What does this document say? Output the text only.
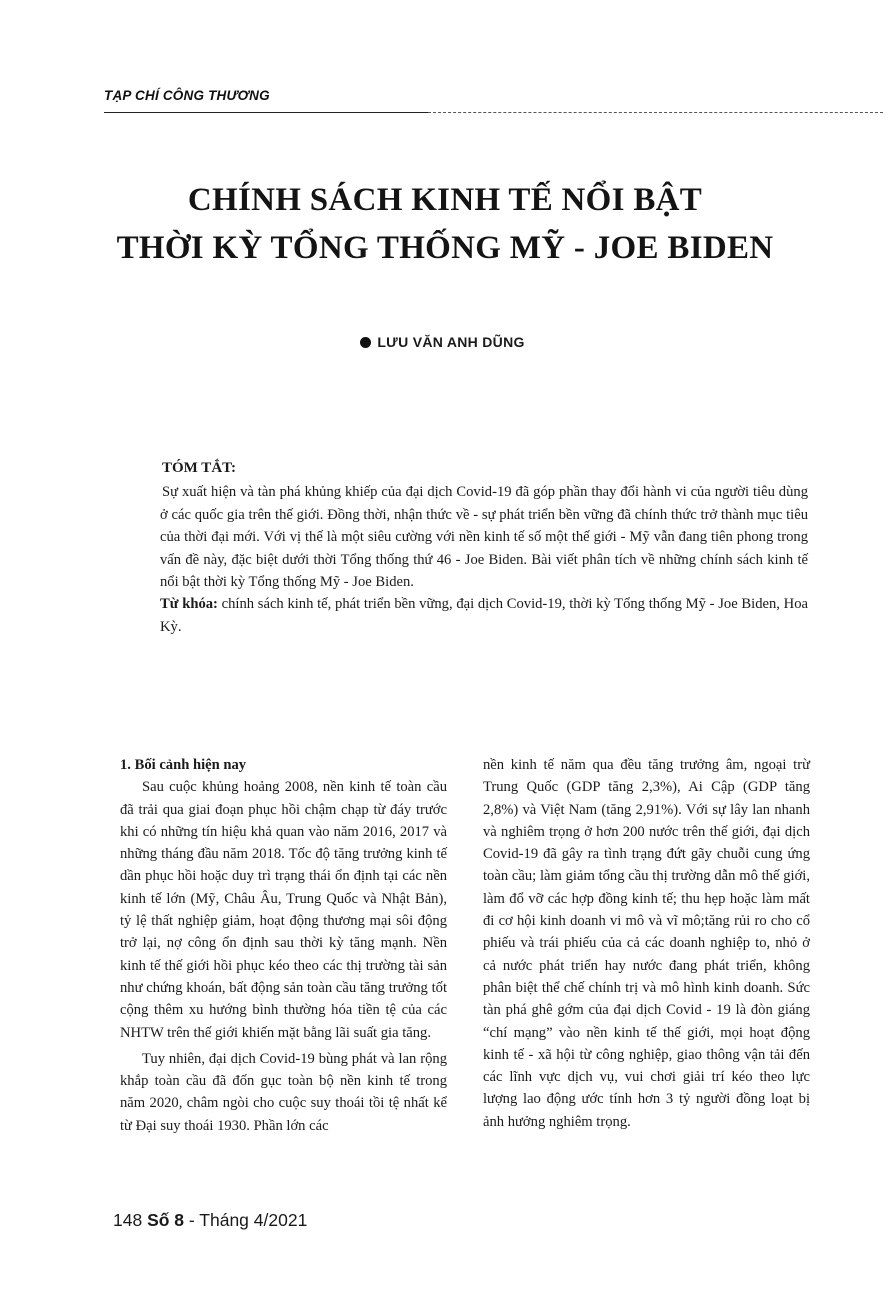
TẠP CHÍ CÔNG THƯƠNG
CHÍNH SÁCH KINH TẾ NỔI BẬT
THỜI KỲ TỔNG THỐNG MỸ - JOE BIDEN
LƯU VĂN ANH DŨNG
TÓM TẮT:

Sự xuất hiện và tàn phá khủng khiếp của đại dịch Covid-19 đã góp phần thay đổi hành vi của người tiêu dùng ở các quốc gia trên thế giới. Đồng thời, nhận thức về - sự phát triển bền vững đã chính thức trở thành mục tiêu của thời đại mới. Với vị thế là một siêu cường với nền kinh tế số một thế giới - Mỹ vẫn đang tiên phong trong vấn đề này, đặc biệt dưới thời Tổng thống thứ 46 - Joe Biden. Bài viết phân tích về những chính sách kinh tế nổi bật thời kỳ Tổng thống Mỹ - Joe Biden.

Từ khóa: chính sách kinh tế, phát triển bền vững, đại dịch Covid-19, thời kỳ Tổng thống Mỹ - Joe Biden, Hoa Kỳ.

1. Bối cảnh hiện nay

Sau cuộc khủng hoảng 2008, nền kinh tế toàn cầu đã trải qua giai đoạn phục hồi chậm chạp từ đáy trước khi có những tín hiệu khả quan vào năm 2016, 2017 và những tháng đầu năm 2018. Tốc độ tăng trưởng kinh tế dần phục hồi hoặc duy trì trạng thái ổn định tại các nền kinh tế lớn (Mỹ, Châu Âu, Trung Quốc và Nhật Bản), tỷ lệ thất nghiệp giảm, hoạt động thương mại sôi động trở lại, nợ công ổn định sau thời kỳ tăng mạnh. Nền kinh tế thế giới hồi phục kéo theo các thị trường tài sản như chứng khoán, bất động sản toàn cầu tăng trưởng tốt cộng thêm xu hướng bình thường hóa tiền tệ của các NHTW trên thế giới khiến mặt bằng lãi suất gia tăng.

Tuy nhiên, đại dịch Covid-19 bùng phát và lan rộng khắp toàn cầu đã đốn gục toàn bộ nền kinh tế trong năm 2020, châm ngòi cho cuộc suy thoái tồi tệ nhất kể từ Đại suy thoái 1930. Phần lớn các

nền kinh tế năm qua đều tăng trưởng âm, ngoại trừ Trung Quốc (GDP tăng 2,3%), Ai Cập (GDP tăng 2,8%) và Việt Nam (tăng 2,91%). Với sự lây lan nhanh và nghiêm trọng ở hơn 200 nước trên thế giới, đại dịch Covid-19 đã gây ra tình trạng đứt gãy chuỗi cung ứng toàn cầu; làm giảm tổng cầu thị trường dẫn mô thế giới, làm đổ vỡ các hợp đồng kinh tế; thu hẹp hoặc làm mất đi cơ hội kinh doanh vi mô và vĩ mô;tăng rủi ro cho cổ phiếu và trái phiếu của cả các doanh nghiệp to, nhỏ ở cả nước phát triển hay nước đang phát triển, không phân biệt thể chế chính trị và mô hình kinh doanh. Sức tàn phá ghê gớm của đại dịch Covid - 19 là đòn giáng “chí mạng” vào nền kinh tế thế giới, mọi hoạt động kinh tế - xã hội từ công nghiệp, giao thông vận tải đến các lĩnh vực dịch vụ, vui chơi giải trí kéo theo lực lượng lao động ước tính hơn 3 tỷ người đồng loạt bị ảnh hưởng nghiêm trọng.

148 Số 8 - Tháng 4/2021
